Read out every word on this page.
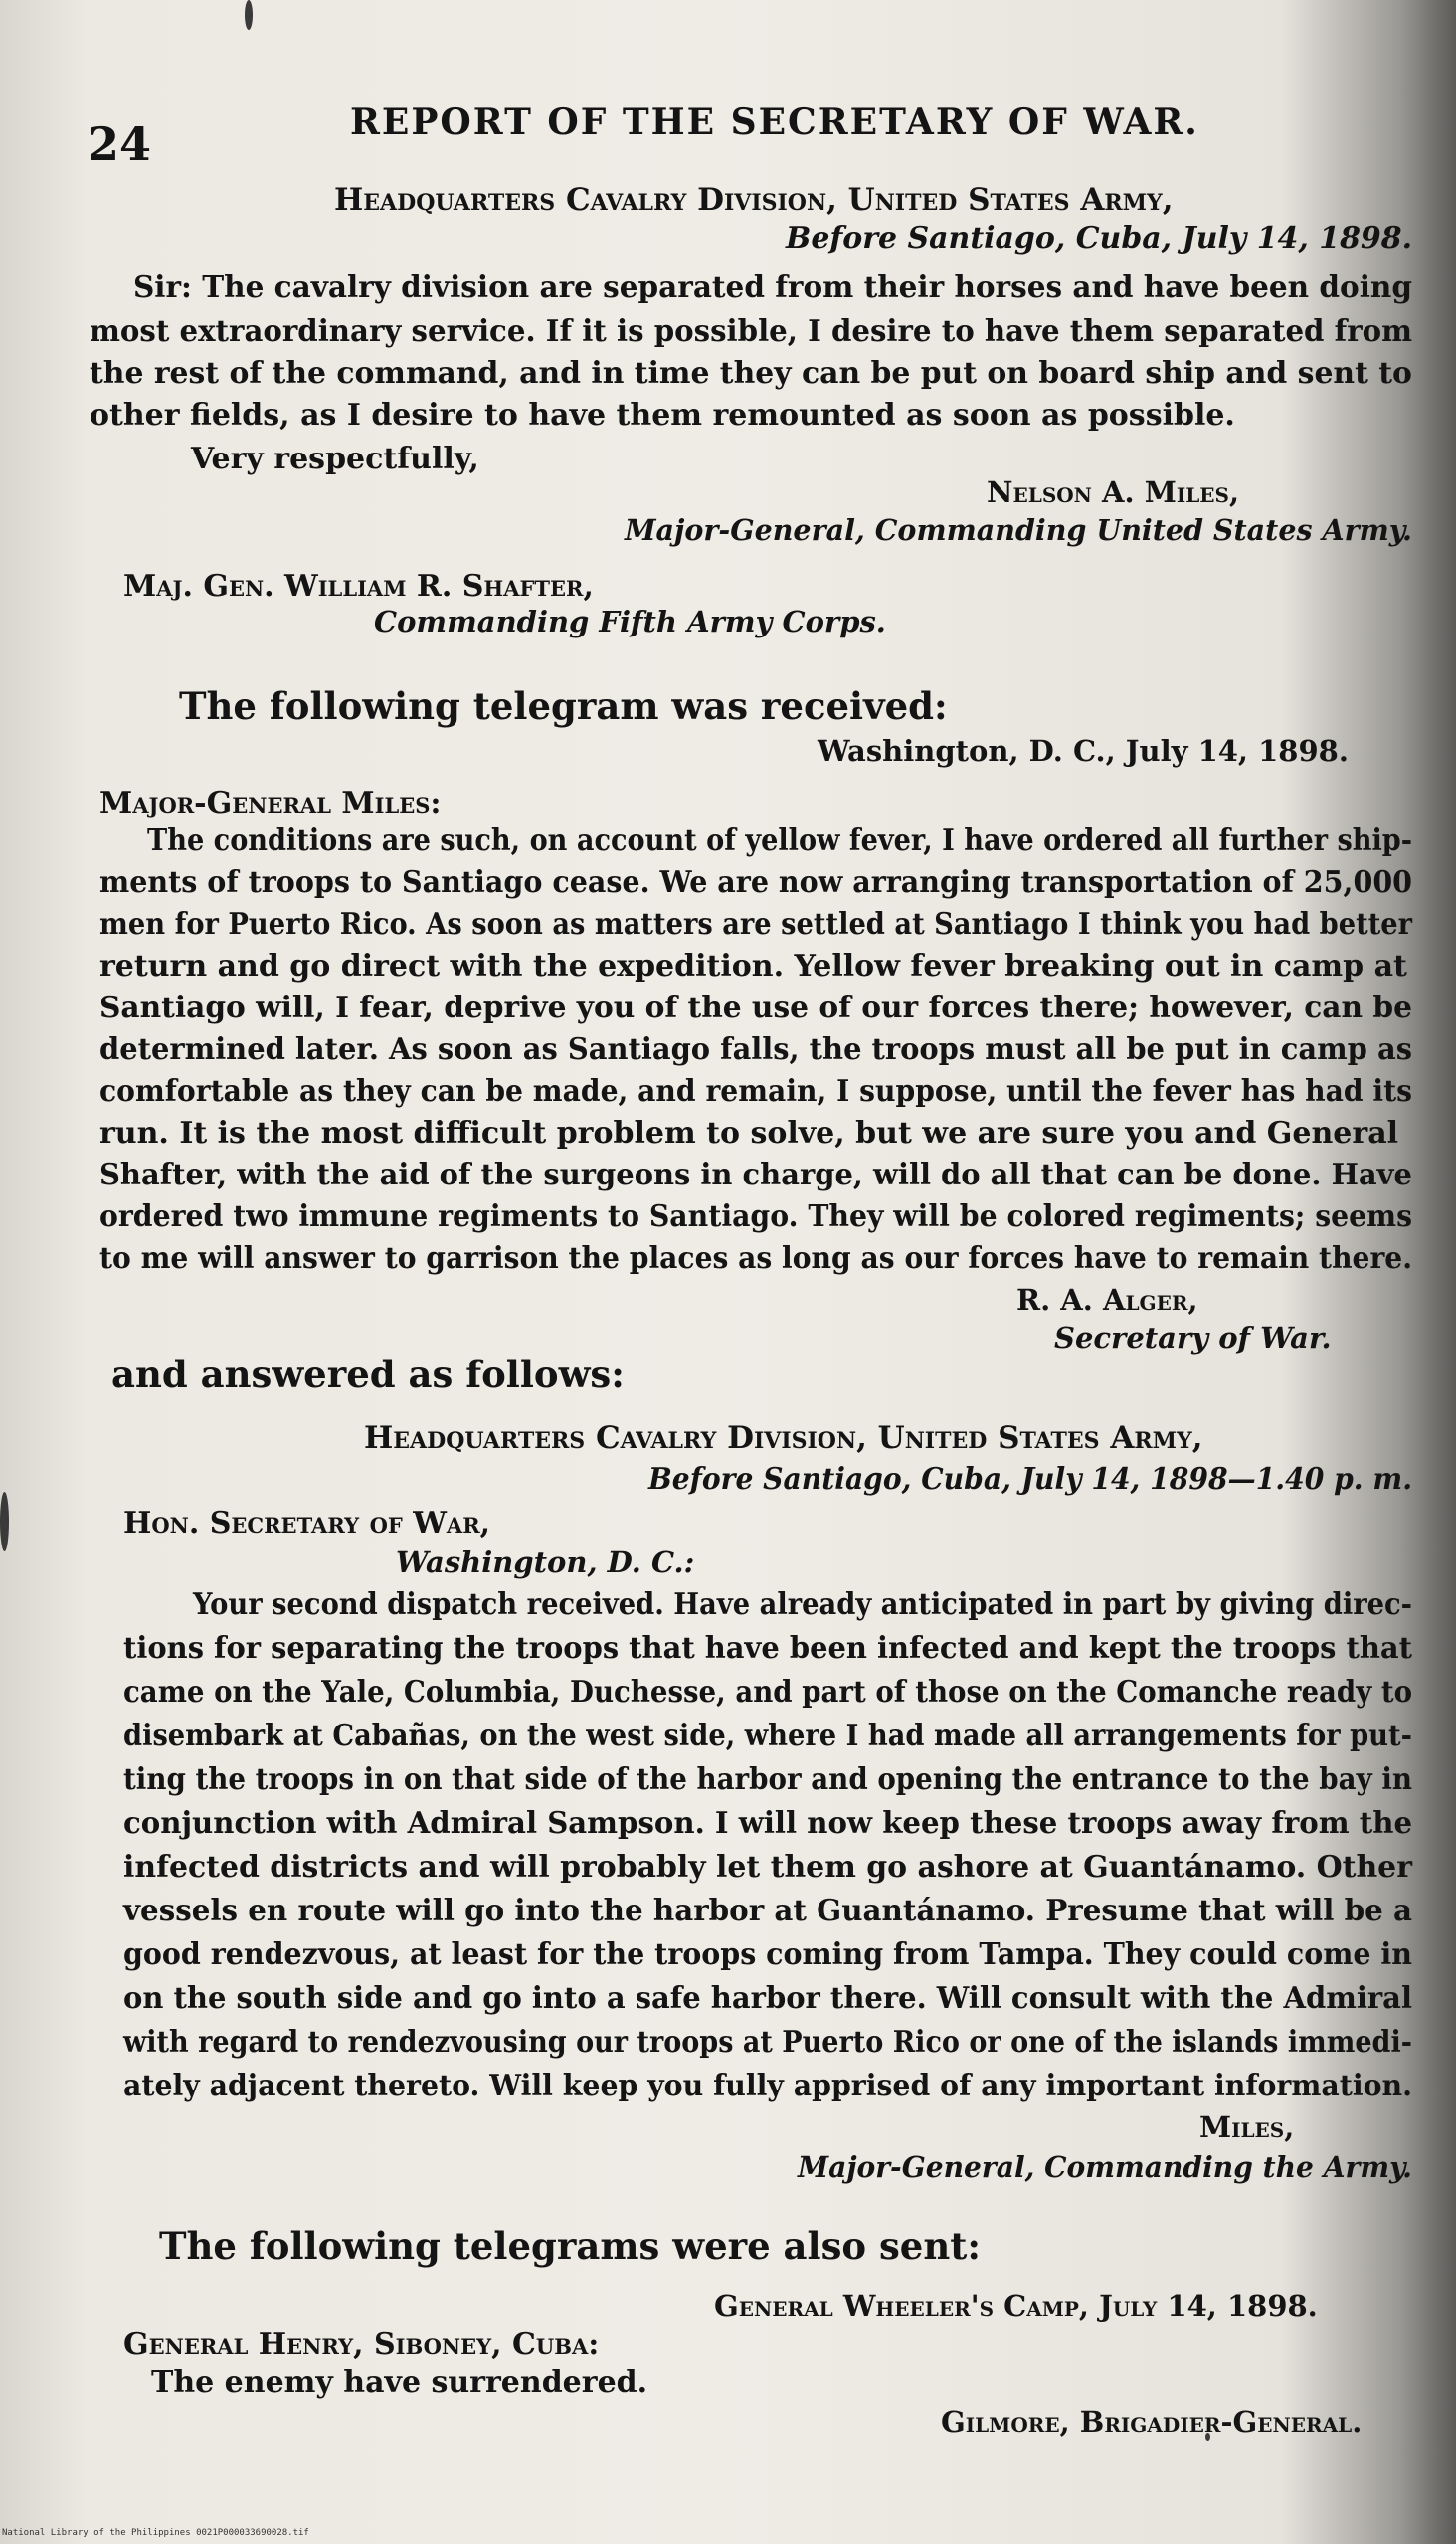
24	REPORT OF THE SECRETARY OF WAR.
Headquarters Cavalry Division, United States Army,
Before Santiago, Cuba, July 14, 1898.
Sir: The cavalry division are separated from their horses and have been doing
most extraordinary service. If it is possible, I desire to have them separated from
the rest of the command, and in time they can be put on board ship and sent to
other fields, as I desire to have them remounted as soon as possible.
Very respectfully,
Nelson A. Miles,
Major-General, Commanding United States Army.
Maj. Gen. William R. Shafter,
Commanding Fifth Army Corps.
The following telegram was received:
Washington, D. C., July 14, 1898.
Major-General Miles:
The conditions are such, on account of yellow fever, I have ordered all further ship-
ments of troops to Santiago cease. We are now arranging transportation of 25,000
men for Puerto Rico. As soon as matters are settled at Santiago I think you had better
return and go direct with the expedition. Yellow fever breaking out in camp at
Santiago will, I fear, deprive you of the use of our forces there; however, can be
determined later. As soon as Santiago falls, the troops must all be put in camp as
comfortable as they can be made, and remain, I suppose, until the fever has had its
run. It is the most difficult problem to solve, but we are sure you and General
Shafter, with the aid of the surgeons in charge, will do all that can be done. Have
ordered two immune regiments to Santiago. They will be colored regiments; seems
to me will answer to garrison the places as long as our forces have to remain there.
R. A. Alger,
Secretary of War.
and answered as follows:
Headquarters Cavalry Division, United States Army,
Before Santiago, Cuba, July 14, 1898—1.40 p. m.
Hon. Secretary of War,
Washington, D. C.:
Your second dispatch received. Have already anticipated in part by giving direc-
tions for separating the troops that have been infected and kept the troops that
came on the Yale, Columbia, Duchesse, and part of those on the Comanche ready to
disembark at Cabañas, on the west side, where I had made all arrangements for put-
ting the troops in on that side of the harbor and opening the entrance to the bay in
conjunction with Admiral Sampson. I will now keep these troops away from the
infected districts and will probably let them go ashore at Guantánamo. Other
vessels en route will go into the harbor at Guantánamo. Presume that will be a
good rendezvous, at least for the troops coming from Tampa. They could come in
on the south side and go into a safe harbor there. Will consult with the Admiral
with regard to rendezvousing our troops at Puerto Rico or one of the islands immedi-
ately adjacent thereto. Will keep you fully apprised of any important information.
Miles,
Major-General, Commanding the Army.
The following telegrams were also sent:
General Wheeler's Camp, July 14, 1898.
General Henry, Siboney, Cuba:
The enemy have surrendered.
Gilmore, Brigadier-General.
National Library of the Philippines 0021P000033690028.tif
